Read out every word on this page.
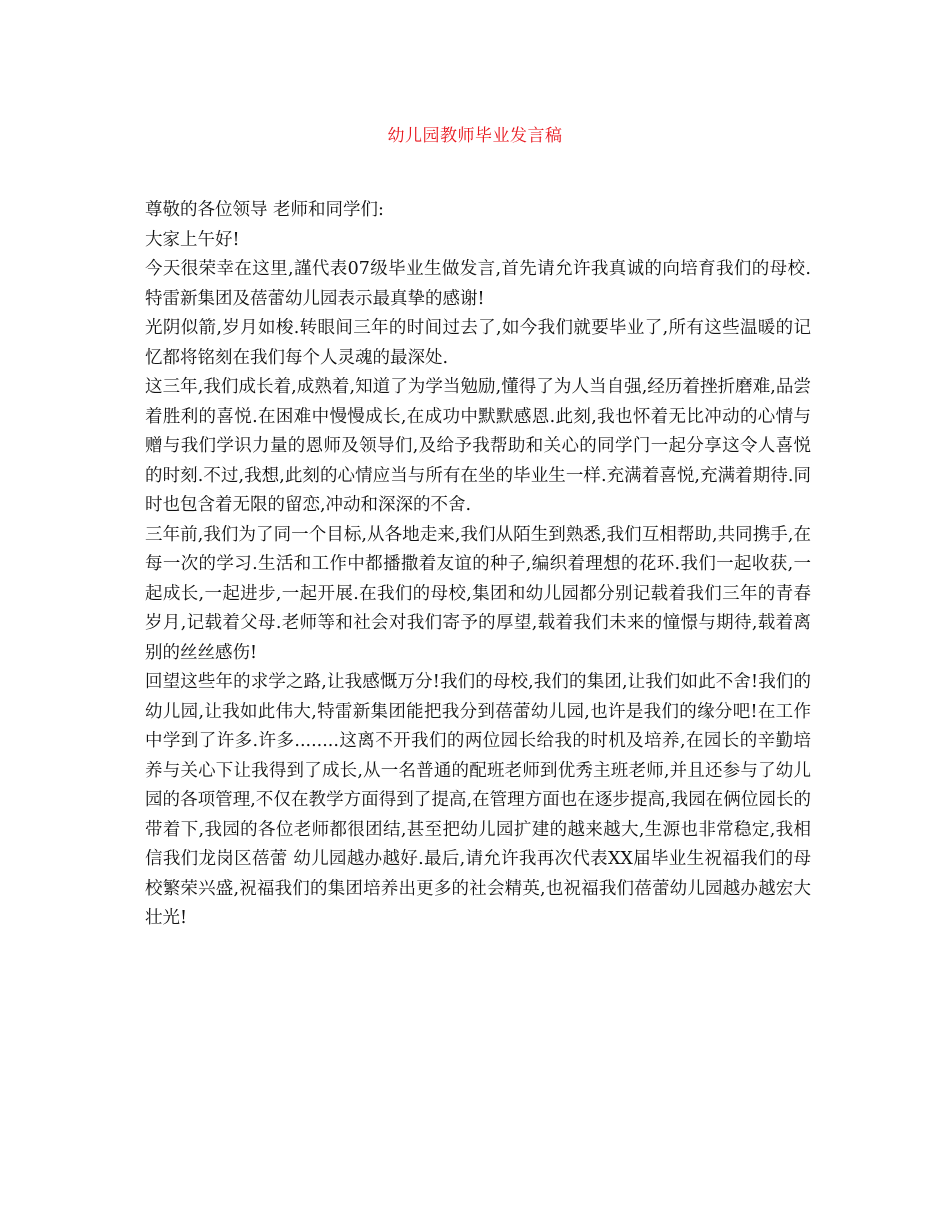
幼儿园教师毕业发言稿

尊敬的各位领导 老师和同学们:

大家上午好!

今天很荣幸在这里,謹代表07级毕业生做发言,首先请允许我真诚的向培育我们的母校.特雷新集团及蓓蕾幼儿园表示最真挚的感谢!

光阴似箭,岁月如梭.转眼间三年的时间过去了,如今我们就要毕业了,所有这些温暖的记忆都将铭刻在我们每个人灵魂的最深处.

这三年,我们成长着,成熟着,知道了为学当勉励,懂得了为人当自强,经历着挫折磨难,品尝着胜利的喜悦.在困难中慢慢成长,在成功中默默感恩.此刻,我也怀着无比冲动的心情与赠与我们学识力量的恩师及领导们,及给予我帮助和关心的同学门一起分享这令人喜悦的时刻.不过,我想,此刻的心情应当与所有在坐的毕业生一样.充满着喜悦,充满着期待.同时也包含着无限的留恋,冲动和深深的不舍.

三年前,我们为了同一个目标,从各地走来,我们从陌生到熟悉,我们互相帮助,共同携手,在每一次的学习.生活和工作中都播撒着友谊的种子,编织着理想的花环.我们一起收获,一起成长,一起进步,一起开展.在我们的母校,集团和幼儿园都分别记载着我们三年的青春岁月,记载着父母.老师等和社会对我们寄予的厚望,载着我们未来的憧憬与期待,载着离别的丝丝感伤!

回望这些年的求学之路,让我感慨万分!我们的母校,我们的集团,让我们如此不舍!我们的幼儿园,让我如此伟大,特雷新集团能把我分到蓓蕾幼儿园,也许是我们的缘分吧!在工作中学到了许多.许多........这离不开我们的两位园长给我的时机及培养,在园长的辛勤培养与关心下让我得到了成长,从一名普通的配班老师到优秀主班老师,并且还参与了幼儿园的各项管理,不仅在教学方面得到了提高,在管理方面也在逐步提高,我园在俩位园长的带着下,我园的各位老师都很团结,甚至把幼儿园扩建的越来越大,生源也非常稳定,我相信我们龙岗区蓓蕾 幼儿园越办越好.最后,请允许我再次代表XX届毕业生祝福我们的母校繁荣兴盛,祝福我们的集团培养出更多的社会精英,也祝福我们蓓蕾幼儿园越办越宏大壮光!
